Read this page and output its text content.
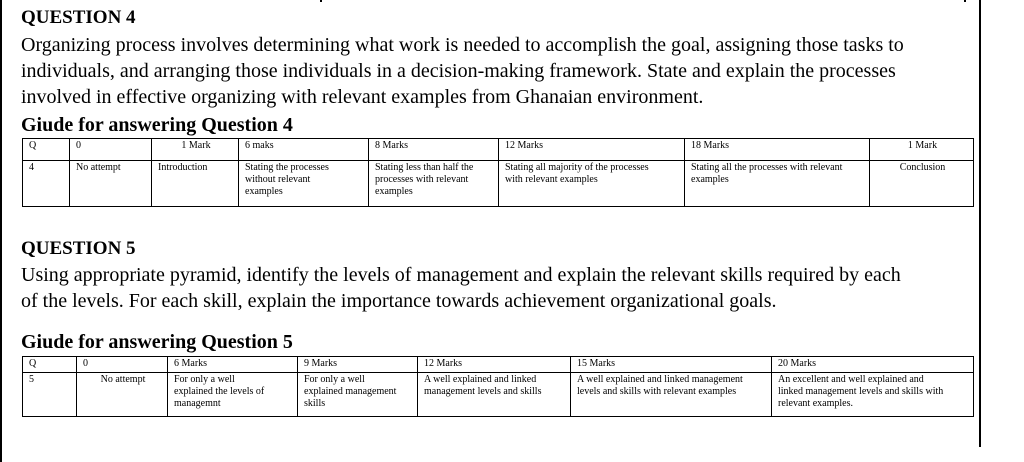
QUESTION 4

Organizing process involves determining what work is needed to accomplish the goal, assigning those tasks to
individuals, and arranging those individuals in a decision-making framework. State and explain the processes
involved in effective organizing with relevant examples from Ghanaian environment.

Giude for answering Question 4
Q	0	1 Mark	6 maks	8 Marks	12 Marks	18 Marks	1 Mark
4	No attempt	Introduction	Stating the processes
without relevant
examples	Stating less than half the
processes with relevant
examples	Stating all majority of the processes
with relevant examples	Stating all the processes with relevant
examples	Conclusion
QUESTION 5

Using appropriate pyramid, identify the levels of management and explain the relevant skills required by each
of the levels. For each skill, explain the importance towards achievement organizational goals.

Giude for answering Question 5
Q	0	6 Marks	9 Marks	12 Marks	15 Marks	20 Marks
5	No attempt	For only a well
explained the levels of
managemnt	For only a well
explained management
skills	A well explained and linked
management levels and skills	A well explained and linked management
levels and skills with relevant examples	An excellent and well explained and
linked management levels and skills with
relevant examples.
